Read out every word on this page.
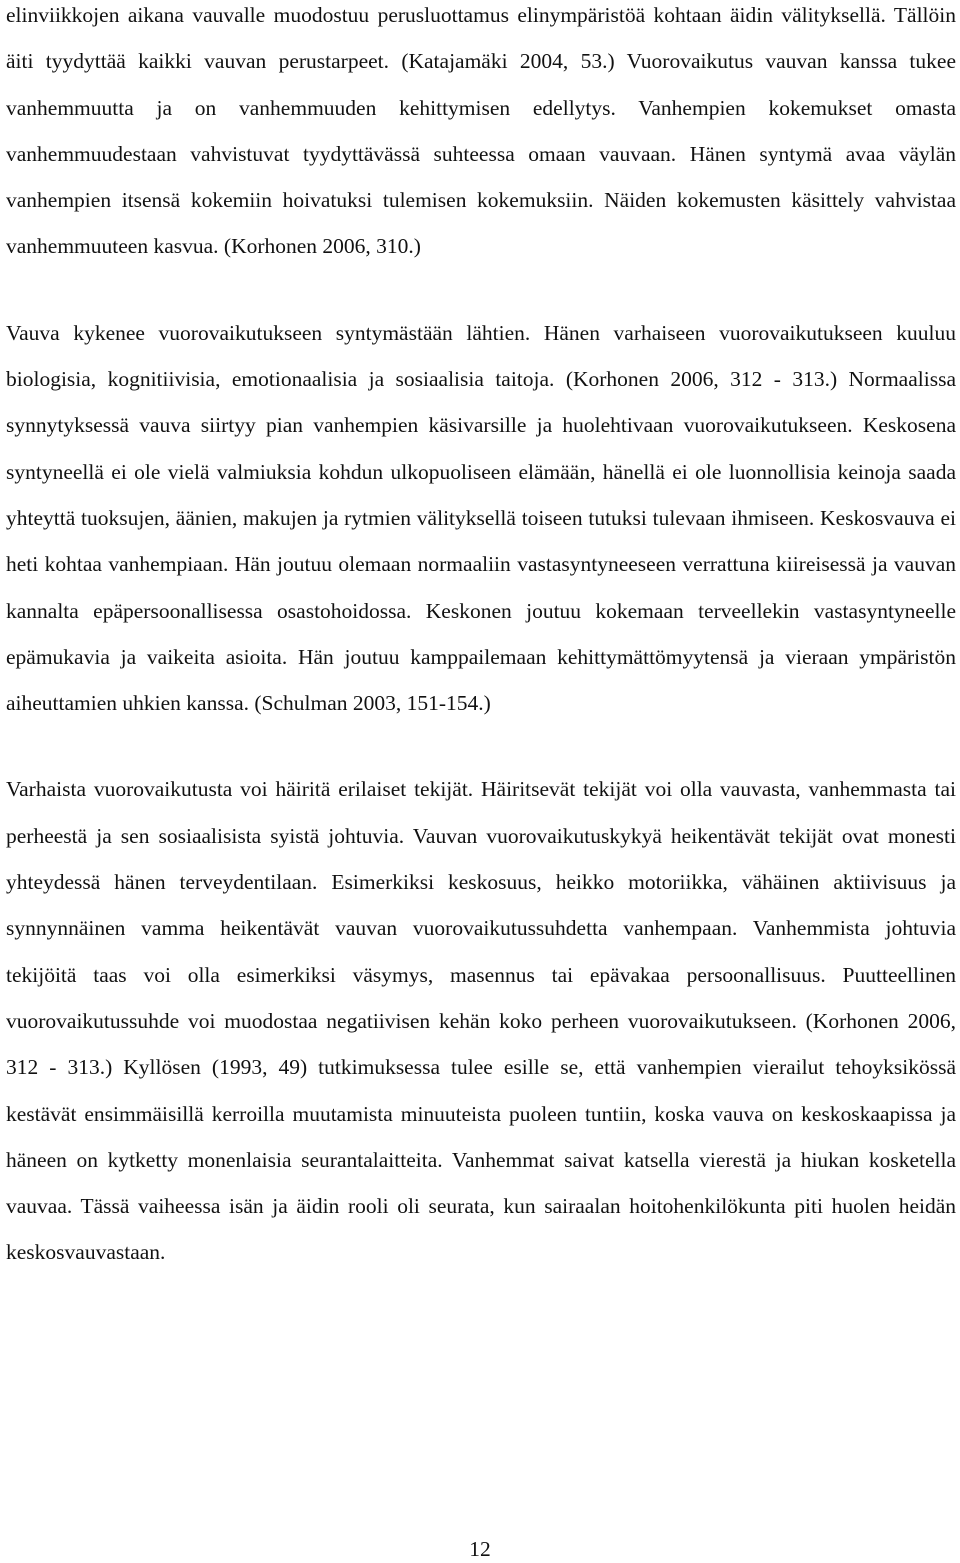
elinviikkojen aikana vauvalle muodostuu perusluottamus elinympäristöä kohtaan äidin välityksellä. Tällöin äiti tyydyttää kaikki vauvan perustarpeet. (Katajamäki 2004, 53.) Vuorovaikutus vauvan kanssa tukee vanhemmuutta ja on vanhemmuuden kehittymisen edellytys. Vanhempien kokemukset omasta vanhemmuudestaan vahvistuvat tyydyttävässä suhteessa omaan vauvaan. Hänen syntymä avaa väylän vanhempien itsensä kokemiin hoivatuksi tulemisen kokemuksiin. Näiden kokemusten käsittely vahvistaa vanhemmuuteen kasvua. (Korhonen 2006, 310.)

Vauva kykenee vuorovaikutukseen syntymästään lähtien. Hänen varhaiseen vuorovaikutukseen kuuluu biologisia, kognitiivisia, emotionaalisia ja sosiaalisia taitoja. (Korhonen 2006, 312 - 313.) Normaalissa synnytyksessä vauva siirtyy pian vanhempien käsivarsille ja huolehtivaan vuorovaikutukseen. Keskosena syntyneellä ei ole vielä valmiuksia kohdun ulkopuoliseen elämään, hänellä ei ole luonnollisia keinoja saada yhteyttä tuoksujen, äänien, makujen ja rytmien välityksellä toiseen tutuksi tulevaan ihmiseen. Keskosvauva ei heti kohtaa vanhempiaan. Hän joutuu olemaan normaaliin vastasyntyneeseen verrattuna kiireisessä ja vauvan kannalta epäpersoonallisessa osastohoidossa. Keskonen joutuu kokemaan terveellekin vastasyntyneelle epämukavia ja vaikeita asioita. Hän joutuu kamppailemaan kehittymättömyytensä ja vieraan ympäristön aiheuttamien uhkien kanssa. (Schulman 2003, 151-154.)

Varhaista vuorovaikutusta voi häiritä erilaiset tekijät. Häiritsevät tekijät voi olla vauvasta, vanhemmasta tai perheestä ja sen sosiaalisista syistä johtuvia. Vauvan vuorovaikutuskykyä heikentävät tekijät ovat monesti yhteydessä hänen terveydentilaan. Esimerkiksi keskosuus, heikko motoriikka, vähäinen aktiivisuus ja synnynnäinen vamma heikentävät vauvan vuorovaikutussuhdetta vanhempaan. Vanhemmista johtuvia tekijöitä taas voi olla esimerkiksi väsymys, masennus tai epävakaa persoonallisuus. Puutteellinen vuorovaikutussuhde voi muodostaa negatiivisen kehän koko perheen vuorovaikutukseen. (Korhonen 2006, 312 - 313.) Kyllösen (1993, 49) tutkimuksessa tulee esille se, että vanhempien vierailut tehoyksikössä kestävät ensimmäisillä kerroilla muutamista minuuteista puoleen tuntiin, koska vauva on keskoskaapissa ja häneen on kytketty monenlaisia seurantalaitteita. Vanhemmat saivat katsella vierestä ja hiukan kosketella vauvaa. Tässä vaiheessa isän ja äidin rooli oli seurata, kun sairaalan hoitohenkilökunta piti huolen heidän keskosvauvastaan.

12
